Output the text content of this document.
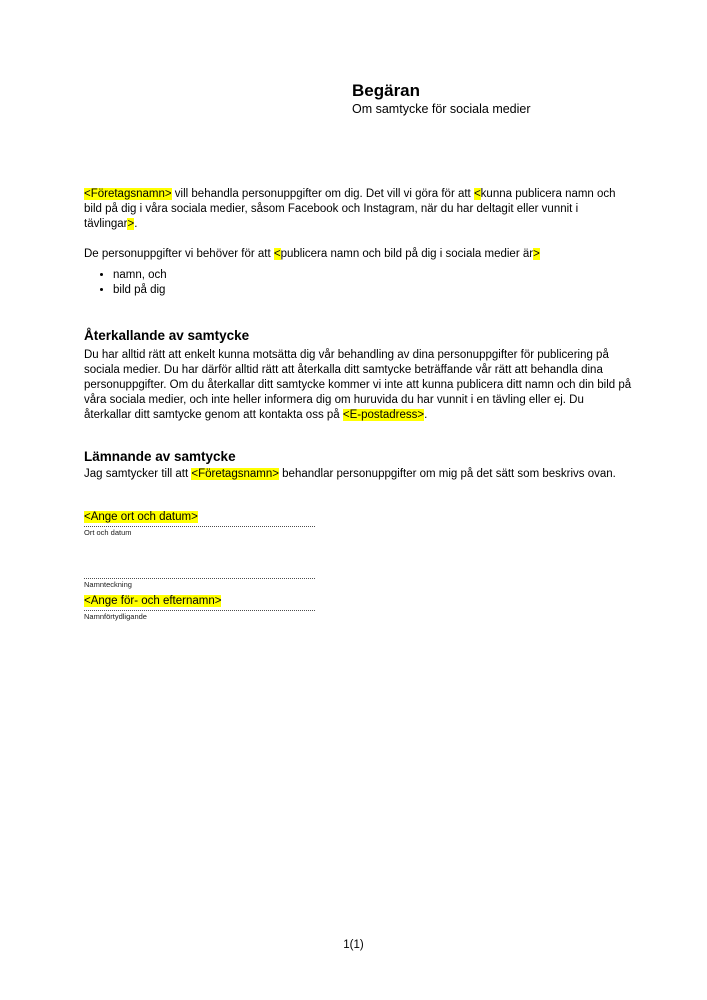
Begäran
Om samtycke för sociala medier

<Företagsnamn> vill behandla personuppgifter om dig. Det vill vi göra för att <kunna publicera namn och bild på dig i våra sociala medier, såsom Facebook och Instagram, när du har deltagit eller vunnit i tävlingar>.

De personuppgifter vi behöver för att <publicera namn och bild på dig i sociala medier är>

• namn, och
• bild på dig
Återkallande av samtycke

Du har alltid rätt att enkelt kunna motsätta dig vår behandling av dina personuppgifter för publicering på sociala medier. Du har därför alltid rätt att återkalla ditt samtycke beträffande vår rätt att behandla dina personuppgifter. Om du återkallar ditt samtycke kommer vi inte att kunna publicera ditt namn och din bild på våra sociala medier, och inte heller informera dig om huruvida du har vunnit i en tävling eller ej. Du återkallar ditt samtycke genom att kontakta oss på <E-postadress>.

Lämnande av samtycke

Jag samtycker till att <Företagsnamn> behandlar personuppgifter om mig på det sätt som beskrivs ovan.

<Ange ort och datum>
Ort och datum
Namnteckning
<Ange för- och efternamn>
Namnförtydligande
1(1)
